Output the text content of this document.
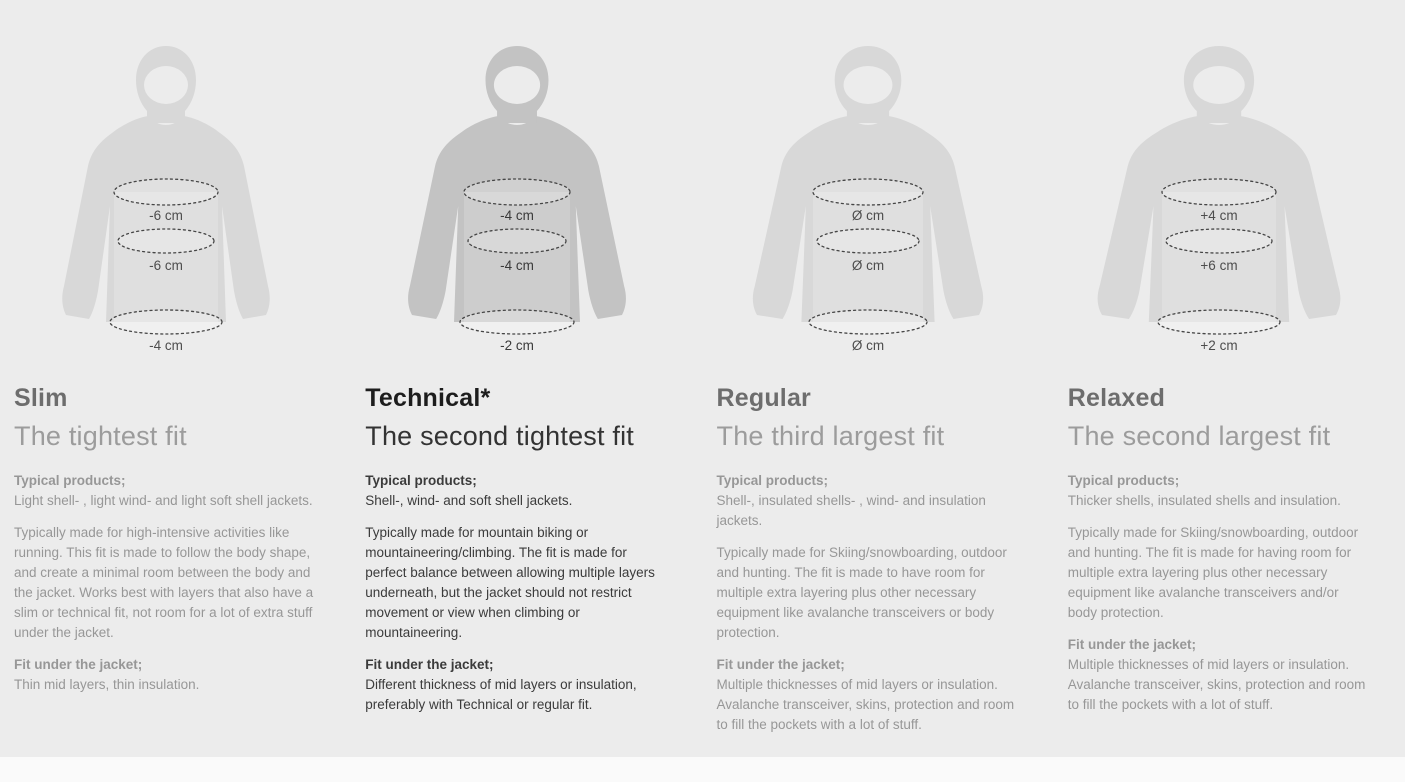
-6 cm
-6 cm
-4 cm
Slim
The tightest fit

Typical products;

Light shell- , light wind- and light soft shell jackets.

Typically made for high-intensive activities like running. This fit is made to follow the body shape, and create a minimal room between the body and the jacket. Works best with layers that also have a slim or technical fit, not room for a lot of extra stuff under the jacket.

Fit under the jacket;

Thin mid layers, thin insulation.

-4 cm
-4 cm
-2 cm
Technical*
The second tightest fit

Typical products;

Shell-, wind- and soft shell jackets.

Typically made for mountain biking or mountaineering/climbing. The fit is made for perfect balance between allowing multiple layers underneath, but the jacket should not restrict movement or view when climbing or mountaineering.

Fit under the jacket;

Different thickness of mid layers or insulation, preferably with Technical or regular fit.

Ø cm
Ø cm
Ø cm
Regular
The third largest fit

Typical products;

Shell-, insulated shells- , wind- and insulation jackets.

Typically made for Skiing/snowboarding, outdoor and hunting. The fit is made to have room for multiple extra layering plus other necessary equipment like avalanche transceivers or body protection.

Fit under the jacket;

Multiple thicknesses of mid layers or insulation. Avalanche transceiver, skins, protection and room to fill the pockets with a lot of stuff.

+4 cm
+6 cm
+2 cm
Relaxed
The second largest fit

Typical products;

Thicker shells, insulated shells and insulation.

Typically made for Skiing/snowboarding, outdoor and hunting. The fit is made for having room for multiple extra layering plus other necessary equipment like avalanche transceivers and/or body protection.

Fit under the jacket;

Multiple thicknesses of mid layers or insulation. Avalanche transceiver, skins, protection and room to fill the pockets with a lot of stuff.
